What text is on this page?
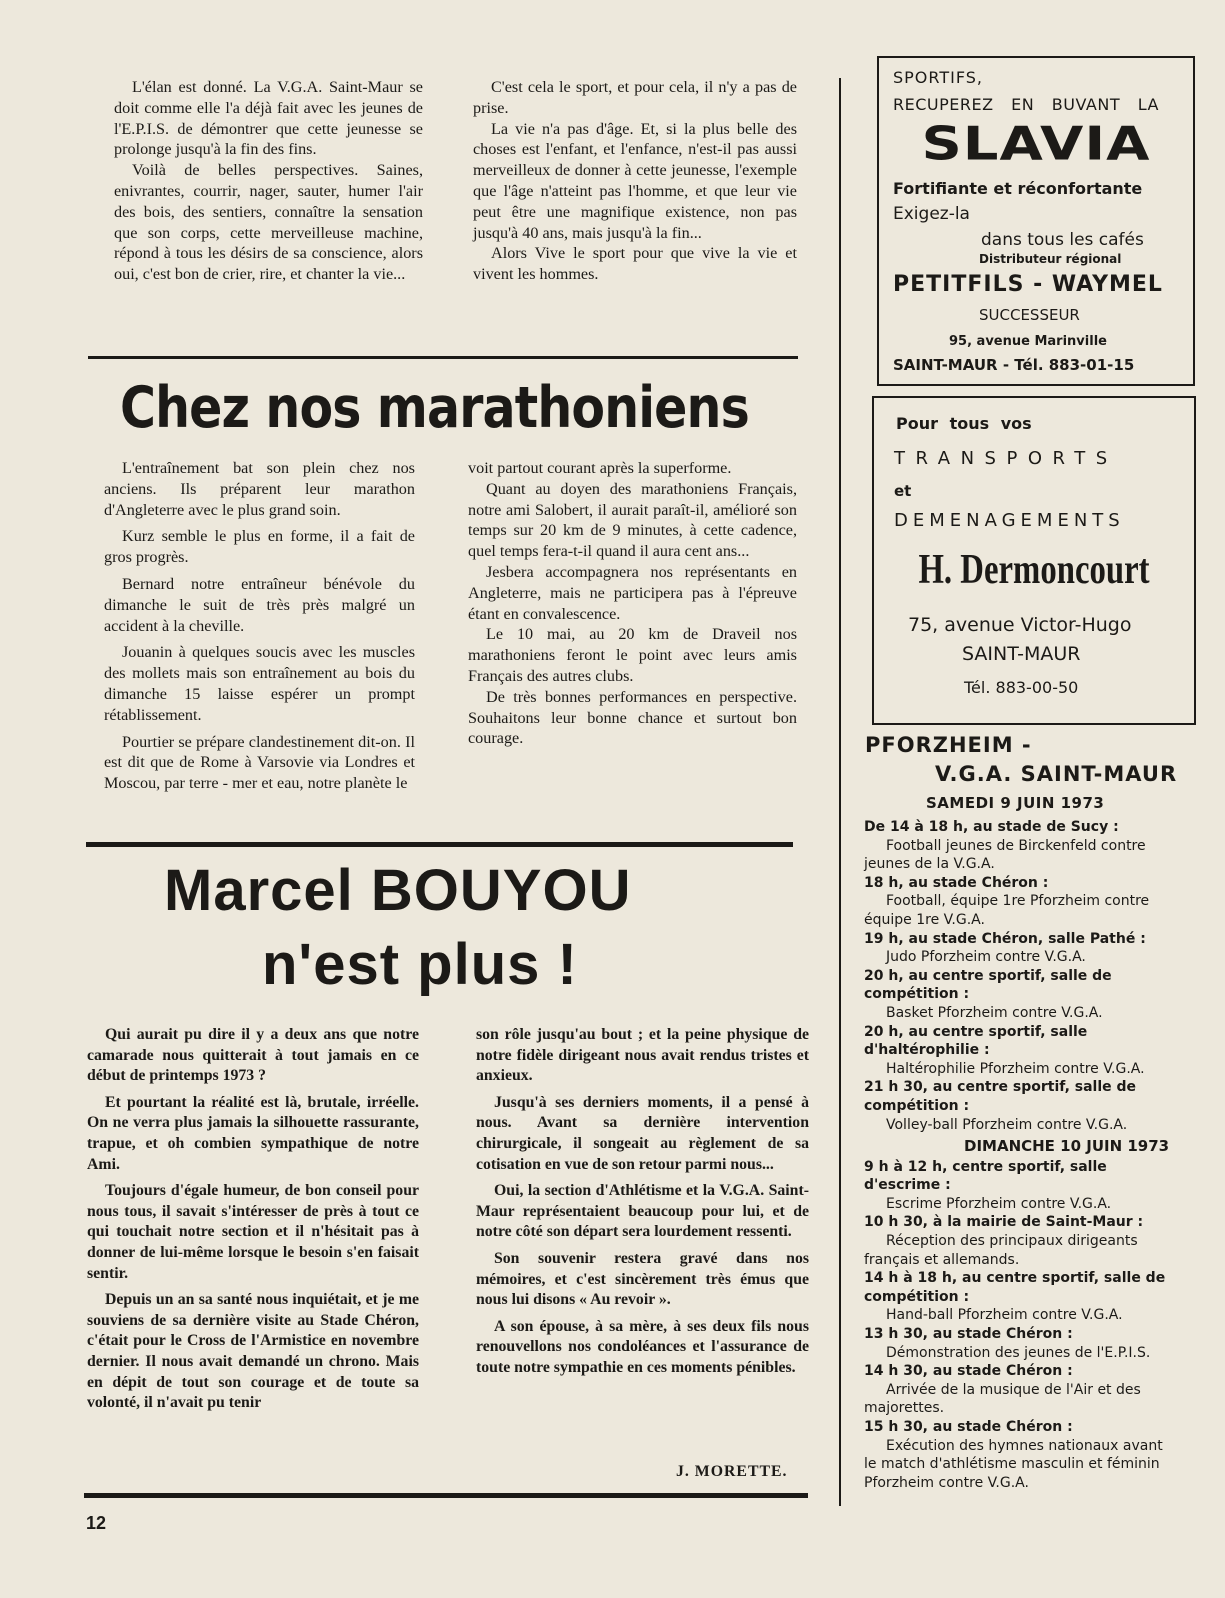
L'élan est donné. La V.G.A. Saint-Maur se doit comme elle l'a déjà fait avec les jeunes de l'E.P.I.S. de démontrer que cette jeunesse se prolonge jusqu'à la fin des fins.

Voilà de belles perspectives. Saines, enivrantes, courrir, nager, sauter, humer l'air des bois, des sentiers, connaître la sensation que son corps, cette merveilleuse machine, répond à tous les désirs de sa conscience, alors oui, c'est bon de crier, rire, et chanter la vie...

C'est cela le sport, et pour cela, il n'y a pas de prise.

La vie n'a pas d'âge. Et, si la plus belle des choses est l'enfant, et l'enfance, n'est-il pas aussi merveilleux de donner à cette jeunesse, l'exemple que l'âge n'atteint pas l'homme, et que leur vie peut être une magnifique existence, non pas jusqu'à 40 ans, mais jusqu'à la fin...

Alors Vive le sport pour que vive la vie et vivent les hommes.

Chez nos marathoniens

L'entraînement bat son plein chez nos anciens. Ils préparent leur marathon d'Angleterre avec le plus grand soin.

Kurz semble le plus en forme, il a fait de gros progrès.

Bernard notre entraîneur bénévole du dimanche le suit de très près malgré un accident à la cheville.

Jouanin à quelques soucis avec les muscles des mollets mais son entraînement au bois du dimanche 15 laisse espérer un prompt rétablissement.

Pourtier se prépare clandestinement dit-on. Il est dit que de Rome à Varsovie via Londres et Moscou, par terre - mer et eau, notre planète le

voit partout courant après la superforme.

Quant au doyen des marathoniens Français, notre ami Salobert, il aurait paraît-il, amélioré son temps sur 20 km de 9 minutes, à cette cadence, quel temps fera-t-il quand il aura cent ans...

Jesbera accompagnera nos représentants en Angleterre, mais ne participera pas à l'épreuve étant en convalescence.

Le 10 mai, au 20 km de Draveil nos marathoniens feront le point avec leurs amis Français des autres clubs.

De très bonnes performances en perspective. Souhaitons leur bonne chance et surtout bon courage.

Marcel BOUYOU
n'est plus !

Qui aurait pu dire il y a deux ans que notre camarade nous quitterait à tout jamais en ce début de printemps 1973 ?

Et pourtant la réalité est là, brutale, irréelle. On ne verra plus jamais la silhouette rassurante, trapue, et oh combien sympathique de notre Ami.

Toujours d'égale humeur, de bon conseil pour nous tous, il savait s'intéresser de près à tout ce qui touchait notre section et il n'hésitait pas à donner de lui-même lorsque le besoin s'en faisait sentir.

Depuis un an sa santé nous inquiétait, et je me souviens de sa dernière visite au Stade Chéron, c'était pour le Cross de l'Armistice en novembre dernier. Il nous avait demandé un chrono. Mais en dépit de tout son courage et de toute sa volonté, il n'avait pu tenir

son rôle jusqu'au bout ; et la peine physique de notre fidèle dirigeant nous avait rendus tristes et anxieux.

Jusqu'à ses derniers moments, il a pensé à nous. Avant sa dernière intervention chirurgicale, il songeait au règlement de sa cotisation en vue de son retour parmi nous...

Oui, la section d'Athlétisme et la V.G.A. Saint-Maur représentaient beaucoup pour lui, et de notre côté son départ sera lourdement ressenti.

Son souvenir restera gravé dans nos mémoires, et c'est sincèrement très émus que nous lui disons « Au revoir ».

A son épouse, à sa mère, à ses deux fils nous renouvellons nos condoléances et l'assurance de toute notre sympathie en ces moments pénibles.

J. MORETTE.
12
SPORTIFS,
RECUPEREZ EN BUVANT LA
SLAVIA
Fortifiante et réconfortante
Exigez-la
dans tous les cafés
Distributeur régional
PETITFILS - WAYMEL
SUCCESSEUR
95, avenue Marinville
SAINT-MAUR - Tél. 883-01-15
Pour tous vos
TRANSPORTS
et
DEMENAGEMENTS
H. Dermoncourt
75, avenue Victor-Hugo
SAINT-MAUR
Tél. 883-00-50
PFORZHEIM -
V.G.A. SAINT-MAUR
SAMEDI 9 JUIN 1973
De 14 à 18 h, au stade de Sucy :
Football jeunes de Birckenfeld contre jeunes de la V.G.A.
18 h, au stade Chéron :
Football, équipe 1re Pforzheim contre équipe 1re V.G.A.
19 h, au stade Chéron, salle Pathé :
Judo Pforzheim contre V.G.A.
20 h, au centre sportif, salle de compétition :
Basket Pforzheim contre V.G.A.
20 h, au centre sportif, salle d'haltérophilie :
Haltérophilie Pforzheim contre V.G.A.
21 h 30, au centre sportif, salle de compétition :
Volley-ball Pforzheim contre V.G.A.
DIMANCHE 10 JUIN 1973
9 h à 12 h, centre sportif, salle d'escrime :
Escrime Pforzheim contre V.G.A.
10 h 30, à la mairie de Saint-Maur :
Réception des principaux dirigeants français et allemands.
14 h à 18 h, au centre sportif, salle de compétition :
Hand-ball Pforzheim contre V.G.A.
13 h 30, au stade Chéron :
Démonstration des jeunes de l'E.P.I.S.
14 h 30, au stade Chéron :
Arrivée de la musique de l'Air et des majorettes.
15 h 30, au stade Chéron :
Exécution des hymnes nationaux avant le match d'athlétisme masculin et féminin Pforzheim contre V.G.A.
